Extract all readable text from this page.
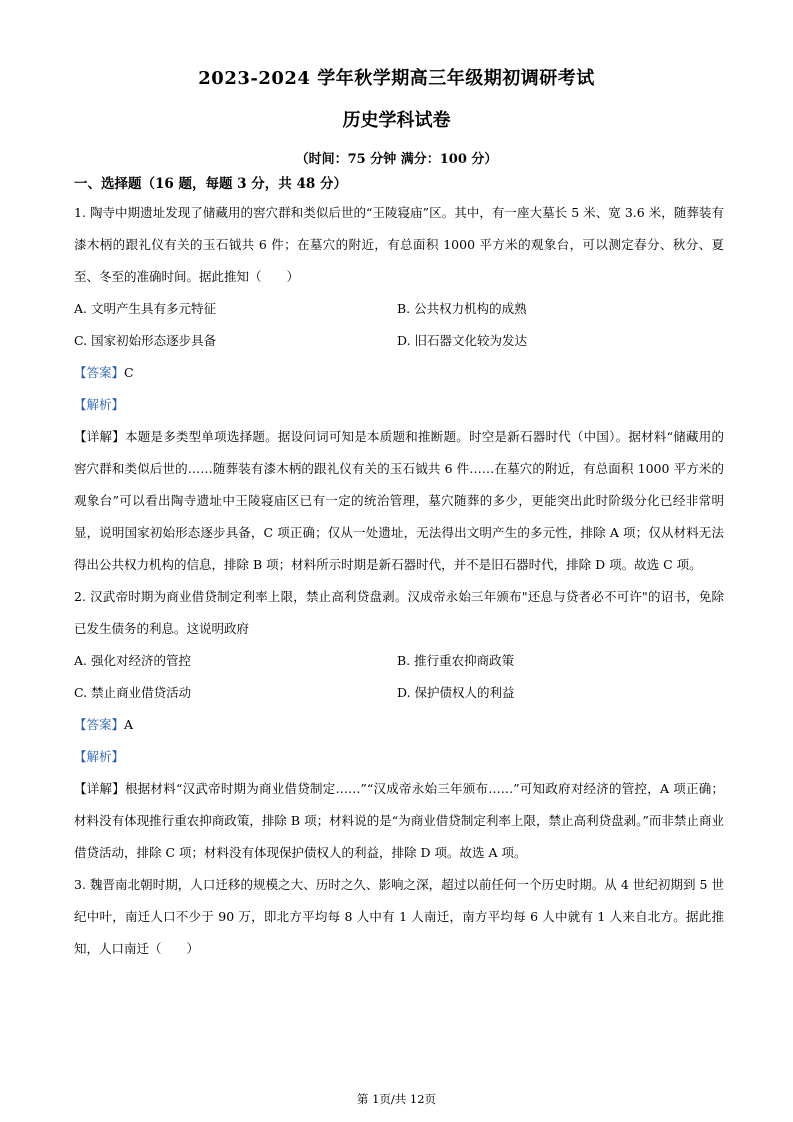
2023-2024 学年秋学期高三年级期初调研考试
历史学科试卷
（时间：75 分钟 满分：100 分）
一、选择题（16 题，每题 3 分，共 48 分）

1. 陶寺中期遗址发现了储藏用的窖穴群和类似后世的“王陵寝庙”区。其中，有一座大墓长 5 米、宽 3.6 米，随葬装有漆木柄的跟礼仪有关的玉石钺共 6 件；在墓穴的附近，有总面积 1000 平方米的观象台，可以测定春分、秋分、夏至、冬至的准确时间。据此推知（　　）

A. 文明产生具有多元特征	B. 公共权力机构的成熟
C. 国家初始形态逐步具备	D. 旧石器文化较为发达

【答案】C

【解析】

【详解】本题是多类型单项选择题。据设问词可知是本质题和推断题。时空是新石器时代（中国）。据材料“储藏用的 窖穴群和类似后世的……随葬装有漆木柄的跟礼仪有关的玉石钺共 6 件……在墓穴的附近，有总面积 1000 平方米的观象台”可以看出陶寺遗址中王陵寝庙区已有一定的统治管理，墓穴随葬的多少，更能突出此时阶级分化已经非常明显，说明国家初始形态逐步具备，C 项正确；仅从一处遗址，无法得出文明产生的多元性，排除 A 项；仅从材料无法得出公共权力机构的信息，排除 B 项；材料所示时期是新石器时代，并不是旧石器时代，排除 D 项。故选 C 项。

2. 汉武帝时期为商业借贷制定利率上限，禁止高利贷盘剥。汉成帝永始三年颁布"还息与贷者必不可许"的诏书，免除已发生债务的利息。这说明政府

A. 强化对经济的管控	B. 推行重农抑商政策
C. 禁止商业借贷活动	D. 保护债权人的利益

【答案】A

【解析】

【详解】根据材料“汉武帝时期为商业借贷制定……”“汉成帝永始三年颁布……”可知政府对经济的管控，A 项正确；材料没有体现推行重农抑商政策，排除 B 项；材料说的是“为商业借贷制定利率上限，禁止高利贷盘剥。”而非禁止商业借贷活动，排除 C 项；材料没有体现保护债权人的利益，排除 D 项。故选 A 项。

3. 魏晋南北朝时期，人口迁移的规模之大、历时之久、影响之深，超过以前任何一个历史时期。从 4 世纪初期到 5 世纪中叶，南迁人口不少于 90 万，即北方平均每 8 人中有 1 人南迁，南方平均每 6 人中就有 1 人来自北方。据此推知，人口南迁（　　）

第 1页/共 12页
